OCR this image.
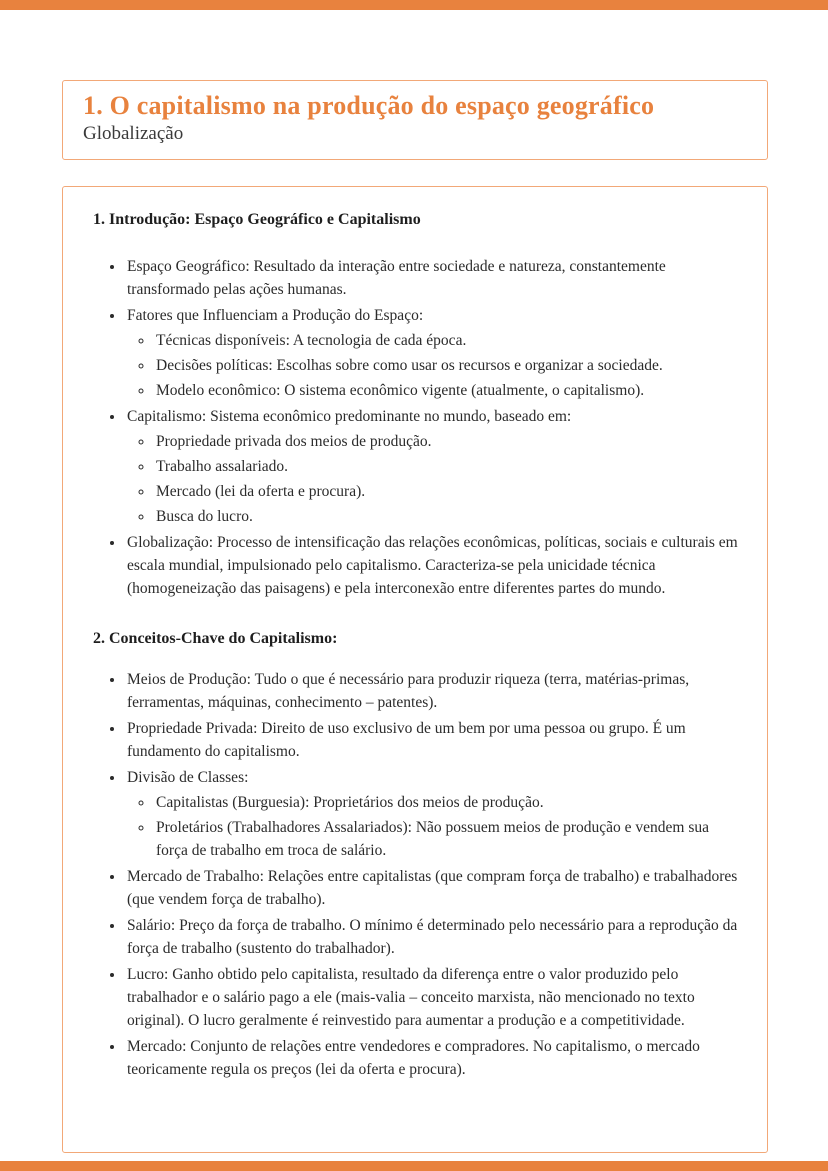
1. O capitalismo na produção do espaço geográfico
Globalização
1. Introdução: Espaço Geográfico e Capitalismo
• Espaço Geográfico: Resultado da interação entre sociedade e natureza, constantemente transformado pelas ações humanas.
• Fatores que Influenciam a Produção do Espaço:
◦ Técnicas disponíveis: A tecnologia de cada época.
◦ Decisões políticas: Escolhas sobre como usar os recursos e organizar a sociedade.
◦ Modelo econômico: O sistema econômico vigente (atualmente, o capitalismo).
• Capitalismo: Sistema econômico predominante no mundo, baseado em:
◦ Propriedade privada dos meios de produção.
◦ Trabalho assalariado.
◦ Mercado (lei da oferta e procura).
◦ Busca do lucro.
• Globalização: Processo de intensificação das relações econômicas, políticas, sociais e culturais em escala mundial, impulsionado pelo capitalismo. Caracteriza-se pela unicidade técnica (homogeneização das paisagens) e pela interconexão entre diferentes partes do mundo.
2. Conceitos-Chave do Capitalismo:
• Meios de Produção: Tudo o que é necessário para produzir riqueza (terra, matérias-primas, ferramentas, máquinas, conhecimento – patentes).
• Propriedade Privada: Direito de uso exclusivo de um bem por uma pessoa ou grupo. É um fundamento do capitalismo.
• Divisão de Classes:
◦ Capitalistas (Burguesia): Proprietários dos meios de produção.
◦ Proletários (Trabalhadores Assalariados): Não possuem meios de produção e vendem sua força de trabalho em troca de salário.
• Mercado de Trabalho: Relações entre capitalistas (que compram força de trabalho) e trabalhadores (que vendem força de trabalho).
• Salário: Preço da força de trabalho. O mínimo é determinado pelo necessário para a reprodução da força de trabalho (sustento do trabalhador).
• Lucro: Ganho obtido pelo capitalista, resultado da diferença entre o valor produzido pelo trabalhador e o salário pago a ele (mais-valia – conceito marxista, não mencionado no texto original). O lucro geralmente é reinvestido para aumentar a produção e a competitividade.
• Mercado: Conjunto de relações entre vendedores e compradores. No capitalismo, o mercado teoricamente regula os preços (lei da oferta e procura).
